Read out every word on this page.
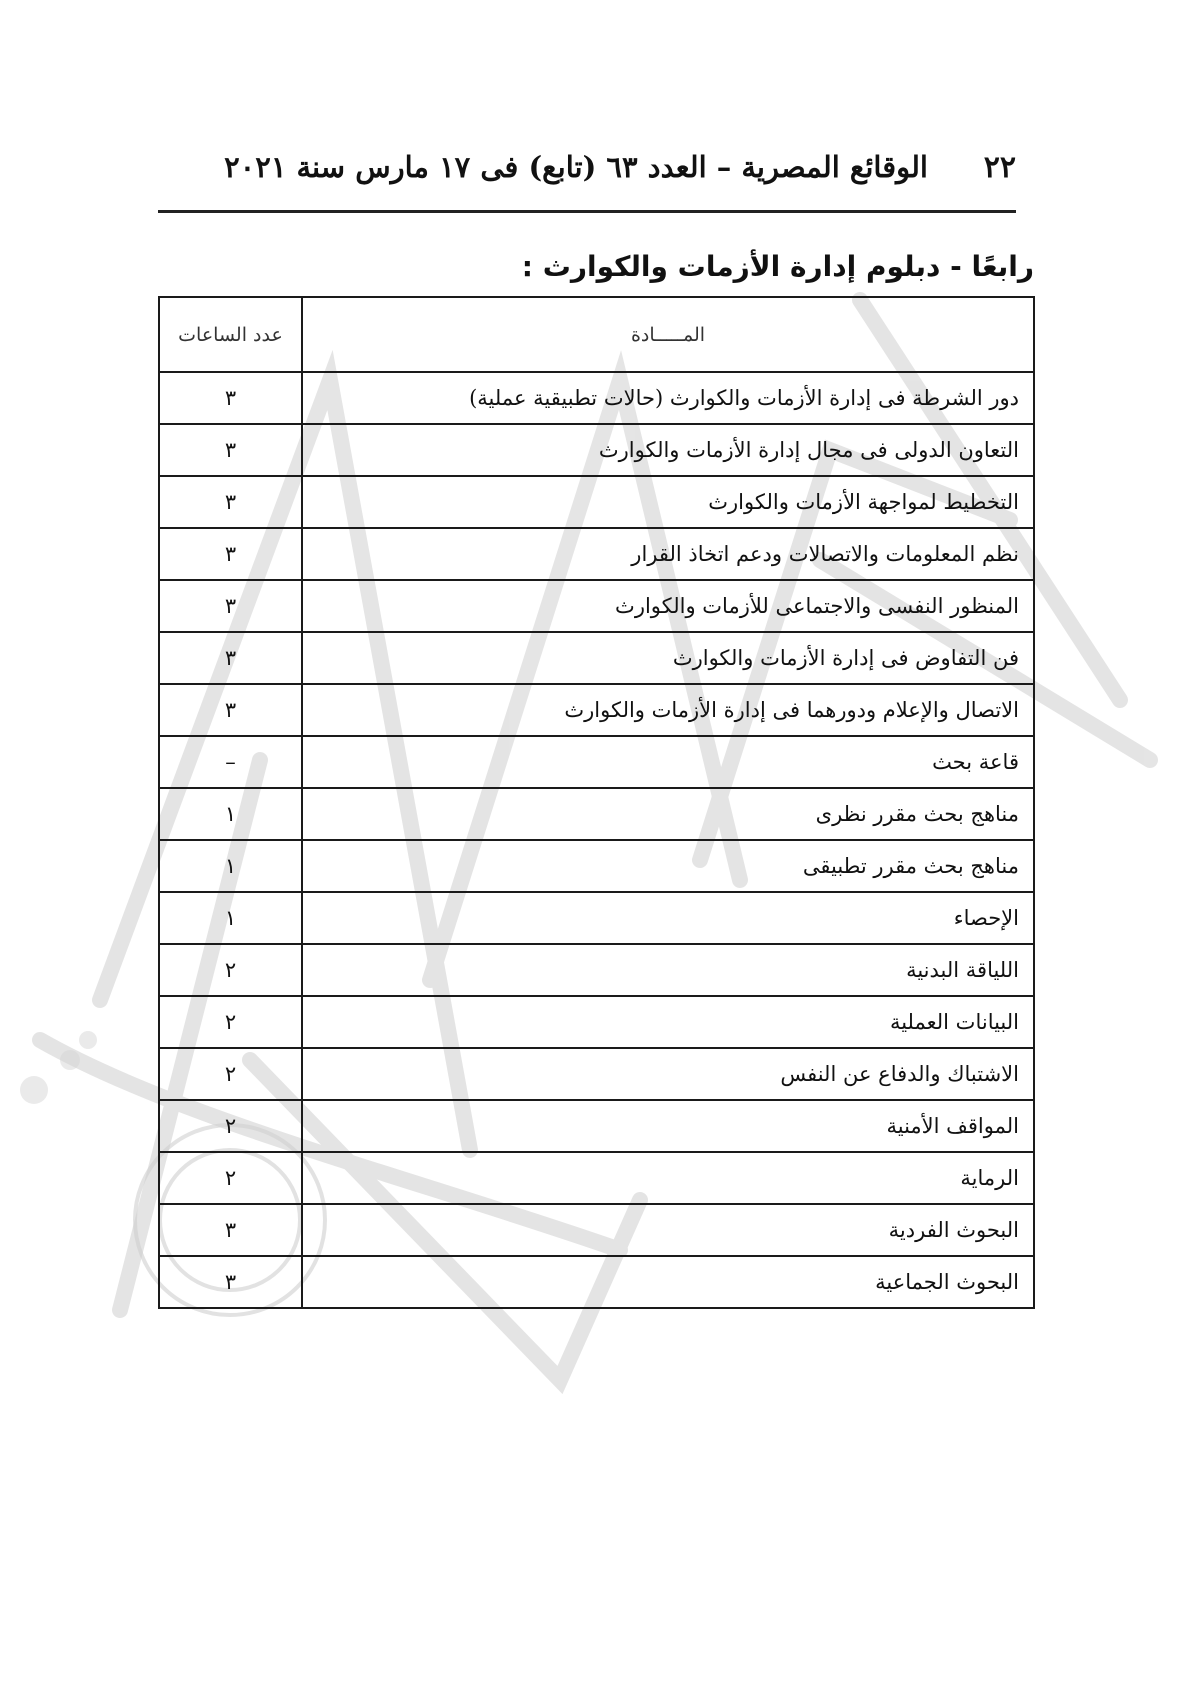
٢٢
الوقائع المصرية – العدد ٦٣ (تابع) فى ١٧ مارس سنة ٢٠٢١
رابعًا - دبلوم إدارة الأزمات والكوارث :
المـــــادة	عدد الساعات
دور الشرطة فى إدارة الأزمات والكوارث (حالات تطبيقية عملية)	٣
التعاون الدولى فى مجال إدارة الأزمات والكوارث	٣
التخطيط لمواجهة الأزمات والكوارث	٣
نظم المعلومات والاتصالات ودعم اتخاذ القرار	٣
المنظور النفسى والاجتماعى للأزمات والكوارث	٣
فن التفاوض فى إدارة الأزمات والكوارث	٣
الاتصال والإعلام ودورهما فى إدارة الأزمات والكوارث	٣
قاعة بحث	–
مناهج بحث مقرر نظرى	١
مناهج بحث مقرر تطبيقى	١
الإحصاء	١
اللياقة البدنية	٢
البيانات العملية	٢
الاشتباك والدفاع عن النفس	٢
المواقف الأمنية	٢
الرماية	٢
البحوث الفردية	٣
البحوث الجماعية	٣
